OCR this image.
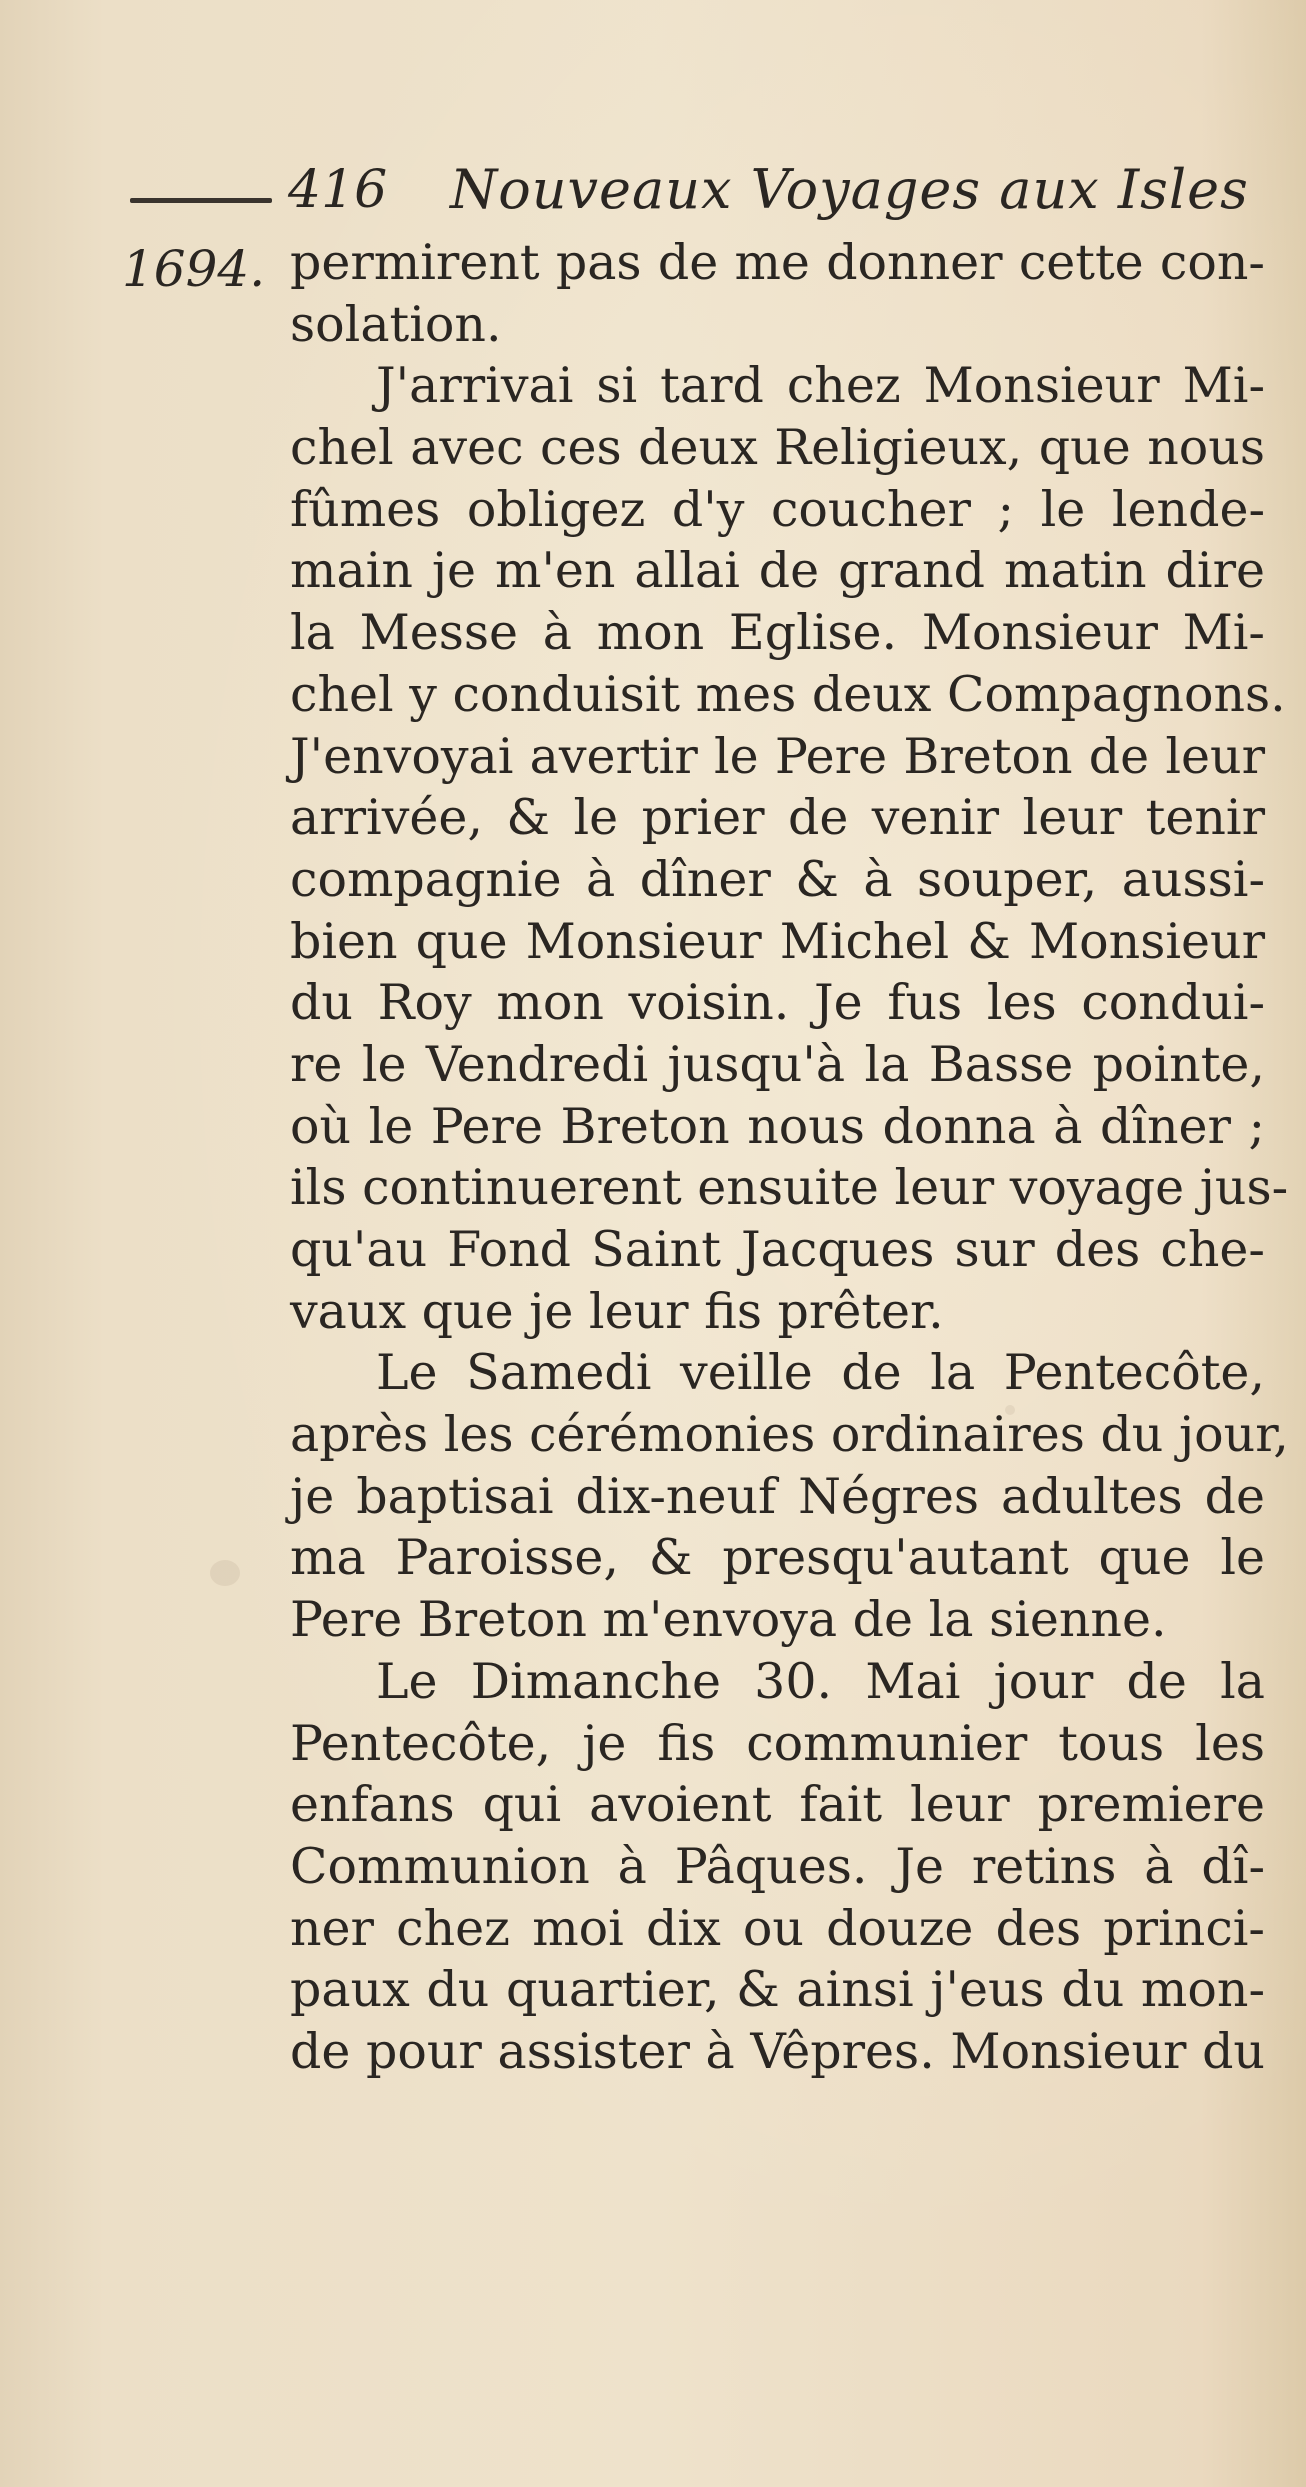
416 Nouveaux Voyages aux Isles
1694. permirent pas de me donner cette con-
solation.
J'arrivai si tard chez Monsieur Mi-
chel avec ces deux Religieux, que nous
fûmes obligez d'y coucher ; le lende-
main je m'en allai de grand matin dire
la Messe à mon Eglise. Monsieur Mi-
chel y conduisit mes deux Compagnons.
J'envoyai avertir le Pere Breton de leur
arrivée, & le prier de venir leur tenir
compagnie à dîner & à souper, aussi-
bien que Monsieur Michel & Monsieur
du Roy mon voisin. Je fus les condui-
re le Vendredi jusqu'à la Basse pointe,
où le Pere Breton nous donna à dîner ;
ils continuerent ensuite leur voyage jus-
qu'au Fond Saint Jacques sur des che-
vaux que je leur fis prêter.
Le Samedi veille de la Pentecôte,
après les cérémonies ordinaires du jour,
je baptisai dix-neuf Négres adultes de
ma Paroisse, & presqu'autant que le
Pere Breton m'envoya de la sienne.
Le Dimanche 30. Mai jour de la
Pentecôte, je fis communier tous les
enfans qui avoient fait leur premiere
Communion à Pâques. Je retins à dî-
ner chez moi dix ou douze des princi-
paux du quartier, & ainsi j'eus du mon-
de pour assister à Vêpres. Monsieur du
